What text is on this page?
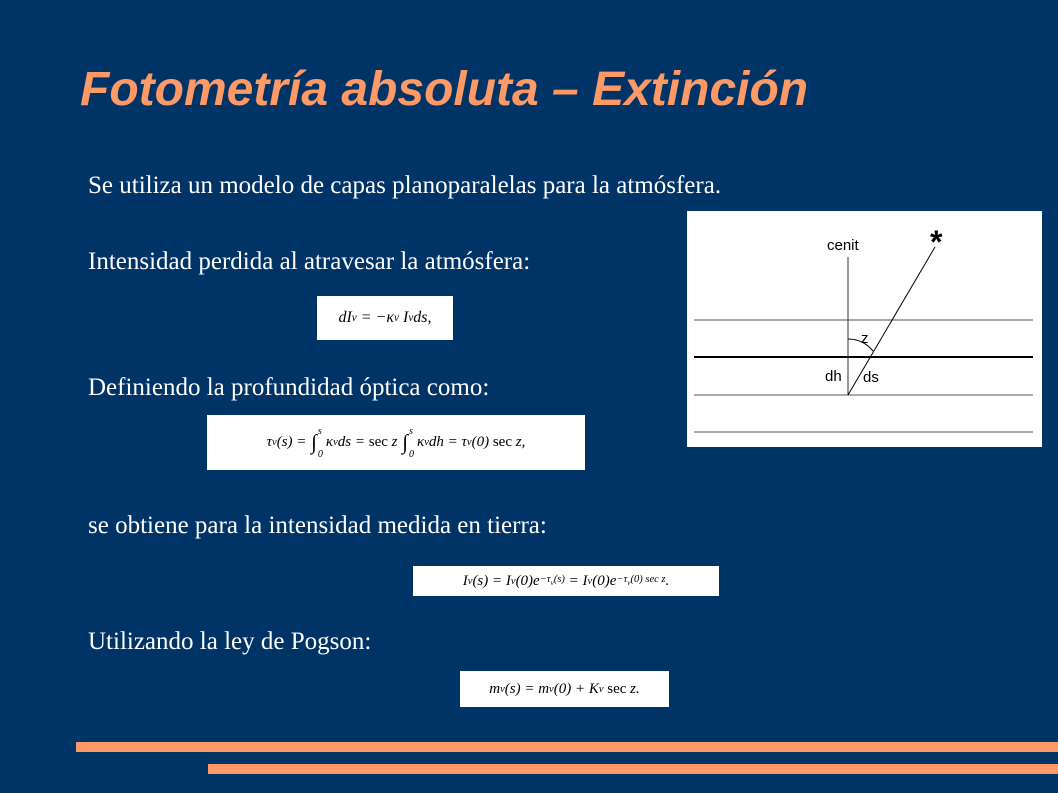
Fotometría absoluta – Extinción
Se utiliza un modelo de capas planoparalelas para la atmósfera.
Intensidad perdida al atravesar la atmósfera:
dI ν = −κ ν I ν ds,
Definiendo la profundidad óptica como:
τ ν (s) = ∫ s
0
κ ν ds = sec z ∫ s
0
κ ν dh = τ ν (0) sec z,
se obtiene para la intensidad medida en tierra:
I ν (s) = I ν $(0)e -\tau_\nu(s) = I$ ν $(0)e -\tau_\nu(0)$ sec z .
Utilizando la ley de Pogson:
m ν (s) = m ν (0) + K ν
sec z.
cenit *
z
dh ds
